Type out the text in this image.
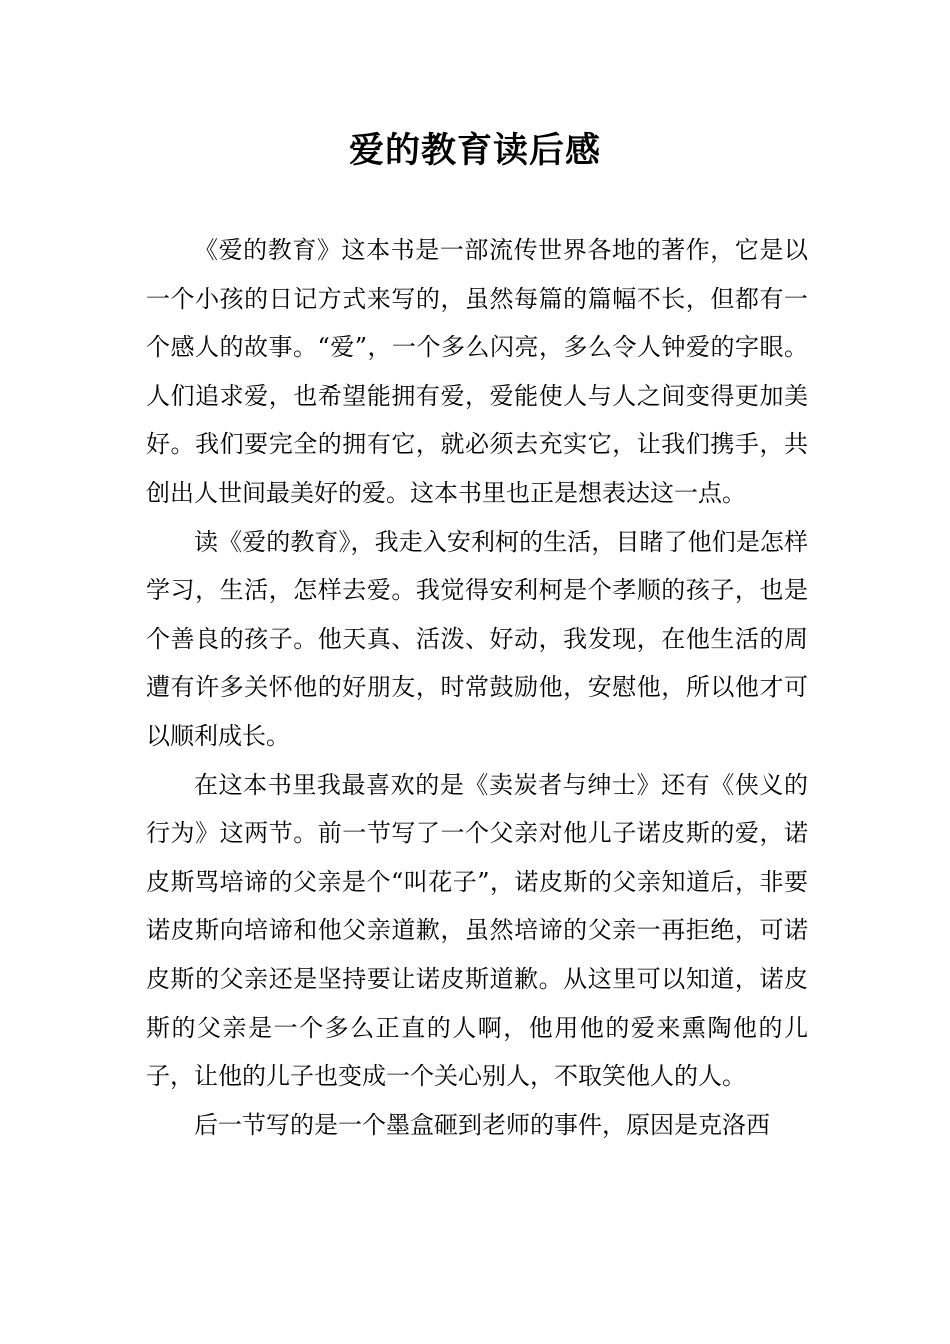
爱的教育读后感

《爱的教育》这本书是一部流传世界各地的著作，它是以一个小孩的日记方式来写的，虽然每篇的篇幅不长，但都有一个感人的故事。“爱”，一个多么闪亮，多么令人钟爱的字眼。人们追求爱，也希望能拥有爱，爱能使人与人之间变得更加美好。我们要完全的拥有它，就必须去充实它，让我们携手，共创出人世间最美好的爱。这本书里也正是想表达这一点。

读《爱的教育》，我走入安利柯的生活，目睹了他们是怎样学习，生活，怎样去爱。我觉得安利柯是个孝顺的孩子，也是个善良的孩子。他天真、活泼、好动，我发现，在他生活的周遭有许多关怀他的好朋友，时常鼓励他，安慰他，所以他才可以顺利成长。

在这本书里我最喜欢的是《卖炭者与绅士》还有《侠义的行为》这两节。前一节写了一个父亲对他儿子诺皮斯的爱，诺皮斯骂培谛的父亲是个“叫花子”，诺皮斯的父亲知道后，非要诺皮斯向培谛和他父亲道歉，虽然培谛的父亲一再拒绝，可诺皮斯的父亲还是坚持要让诺皮斯道歉。从这里可以知道，诺皮斯的父亲是一个多么正直的人啊，他用他的爱来熏陶他的儿子，让他的儿子也变成一个关心别人，不取笑他人的人。

后一节写的是一个墨盒砸到老师的事件，原因是克洛西
